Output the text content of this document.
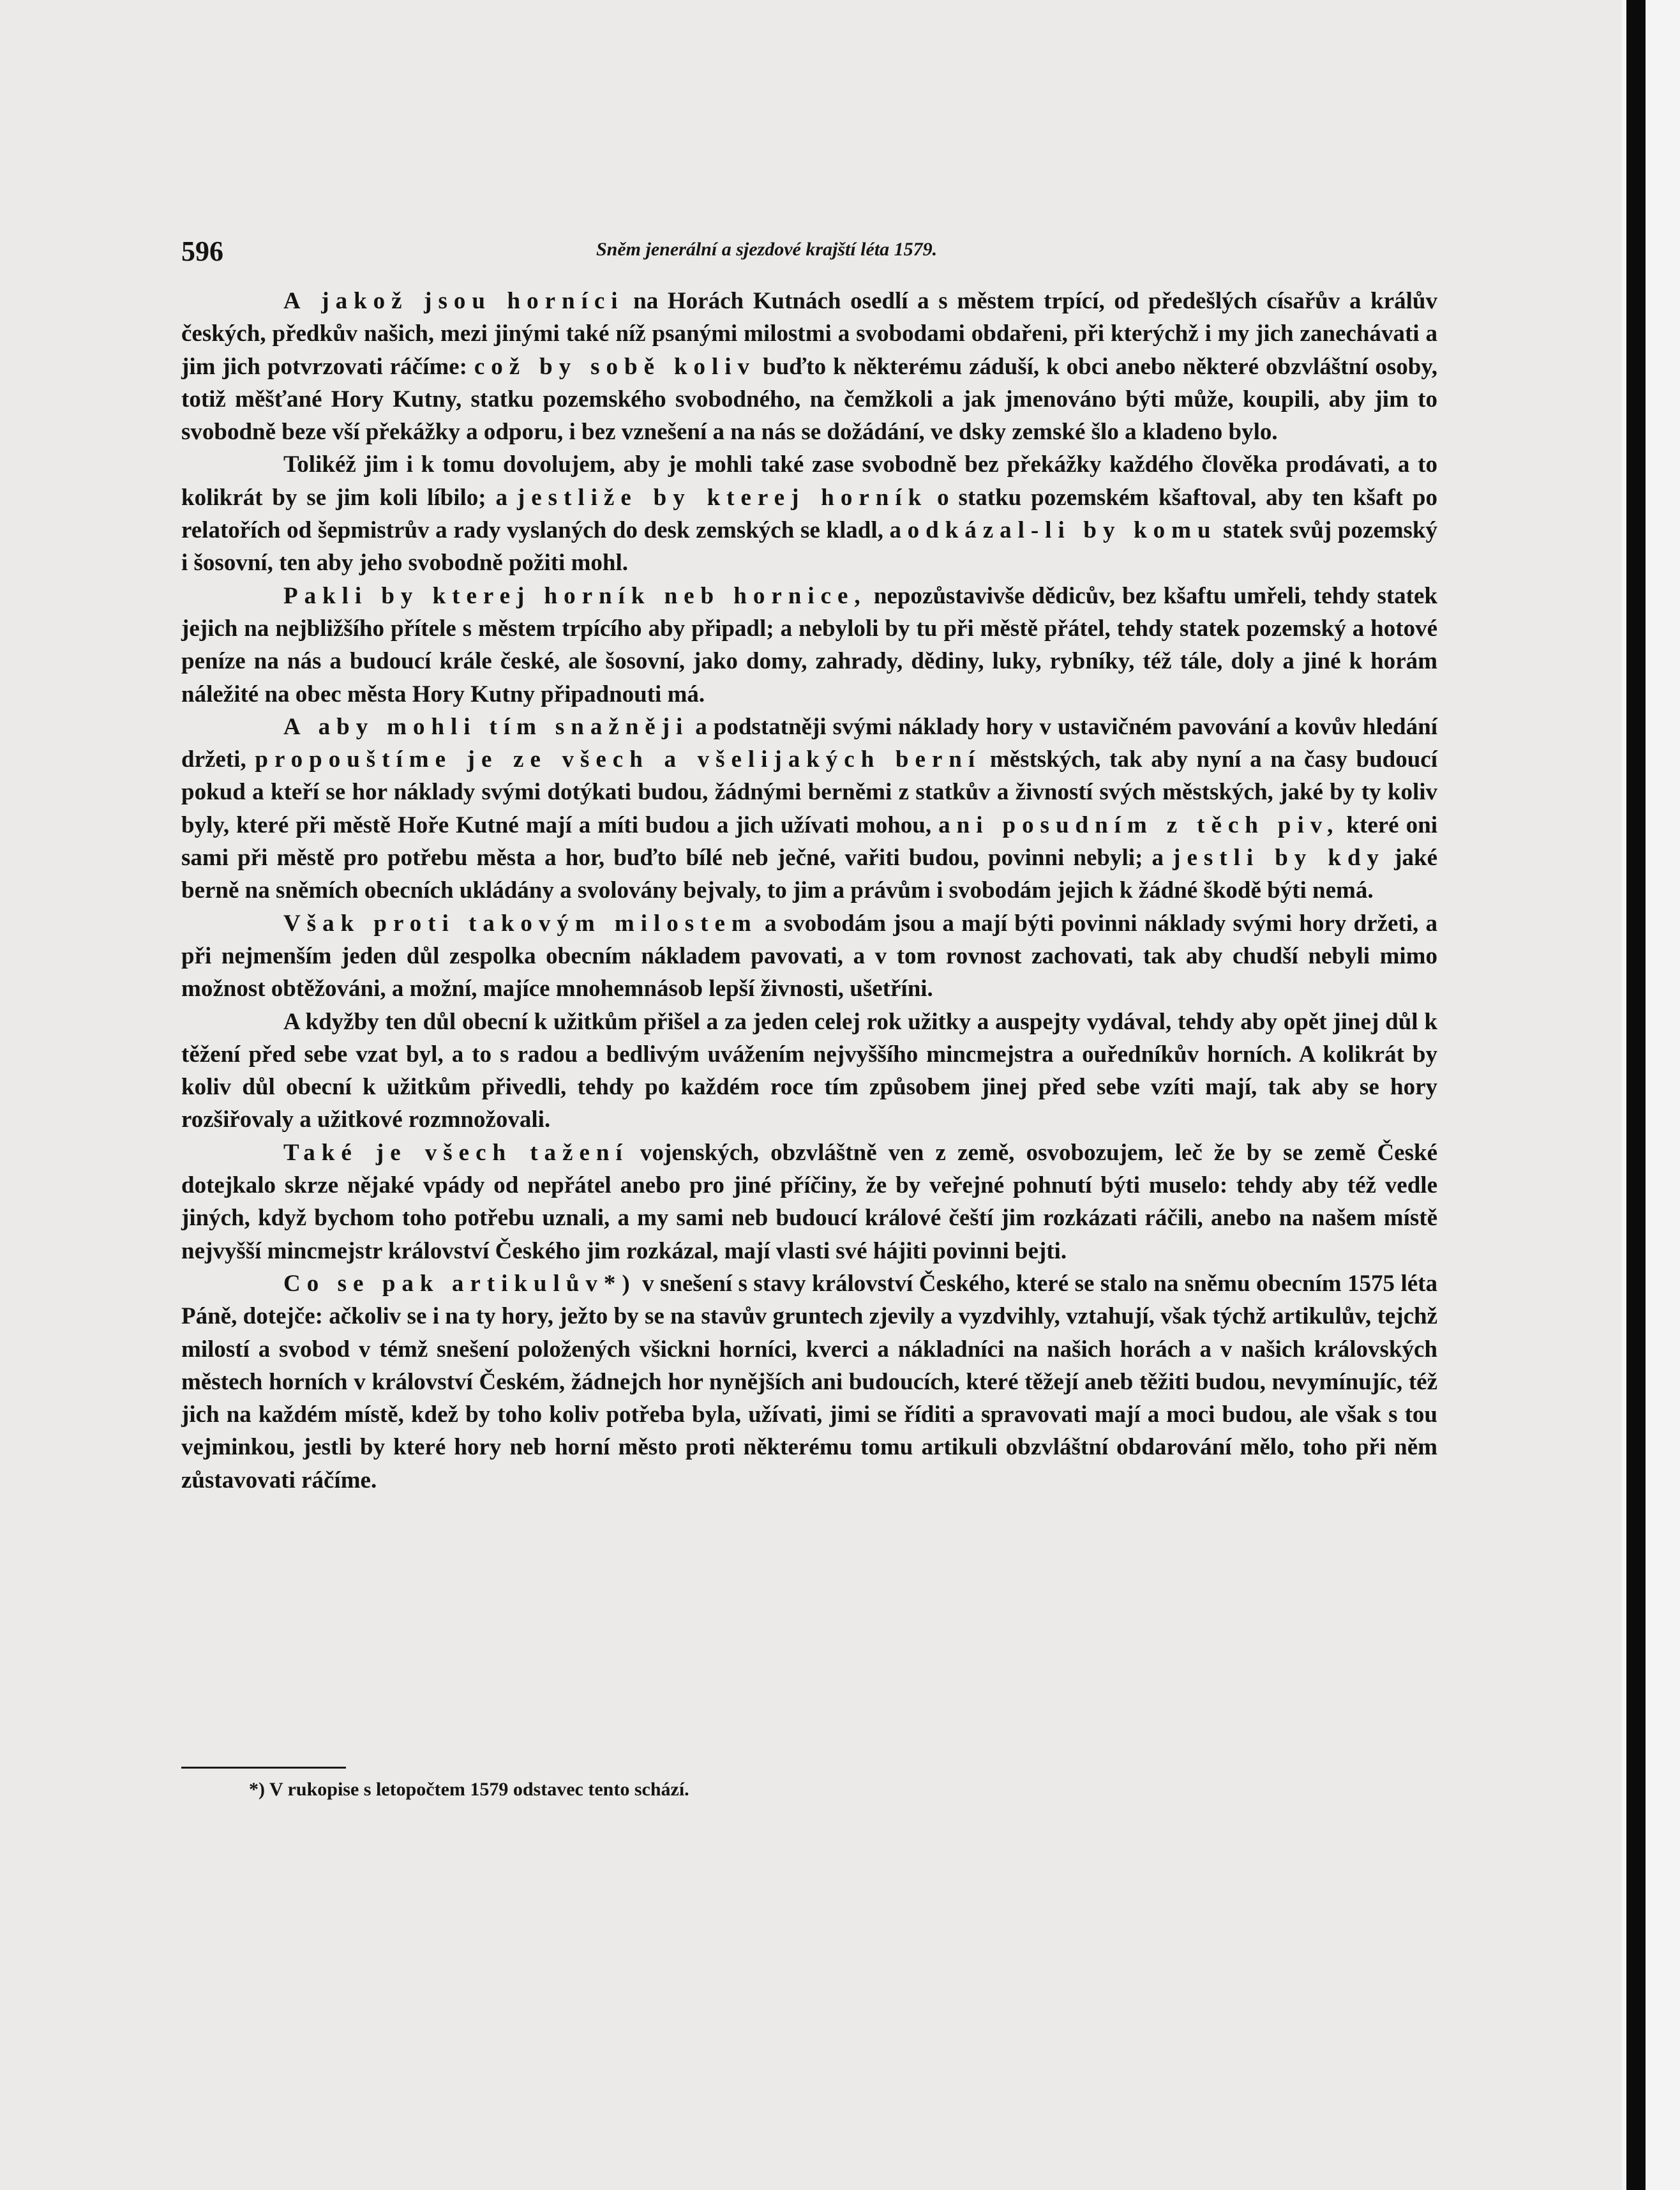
596	Sněm jenerální a sjezdové krajští léta 1579.

A jakož jsou horníci na Horách Kutnách osedlí a s městem trpící, od předešlých císařův a králův českých, předkův našich, mezi jinými také níž psanými milostmi a svobodami obdařeni, při kterýchž i my jich zanechávati a jim jich potvrzovati ráčíme: což by sobě koliv buďto k některému záduší, k obci anebo některé obzvláštní osoby, totiž měšťané Hory Kutny, statku pozemského svobodného, na čemžkoli a jak jmenováno býti může, koupili, aby jim to svobodně beze vší překážky a odporu, i bez vznešení a na nás se dožádání, ve dsky zemské šlo a kladeno bylo.

Tolikéž jim i k tomu dovolujem, aby je mohli také zase svobodně bez překážky každého člověka prodávati, a to kolikrát by se jim koli líbilo; a jestliže by kterej horník o statku pozemském kšaftoval, aby ten kšaft po relatořích od šepmistrův a rady vyslaných do desk zemských se kladl, a odkázal-li by komu statek svůj pozemský i šosovní, ten aby jeho svobodně požiti mohl.

Pakli by kterej horník neb hornice, nepozůstavivše dědicův, bez kšaftu umřeli, tehdy statek jejich na nejbližšího přítele s městem trpícího aby připadl; a nebyloli by tu při městě přátel, tehdy statek pozemský a hotové peníze na nás a budoucí krále české, ale šosovní, jako domy, zahrady, dědiny, luky, rybníky, též tále, doly a jiné k horám náležité na obec města Hory Kutny připadnouti má.

A aby mohli tím snažněji a podstatněji svými náklady hory v ustavičném pavování a kovův hledání držeti, propouštíme je ze všech a všelijakých berní městských, tak aby nyní a na časy budoucí pokud a kteří se hor náklady svými dotýkati budou, žádnými berněmi z statkův a živností svých městských, jaké by ty koliv byly, které při městě Hoře Kutné mají a míti budou a jich užívati mohou, ani posudním z těch piv, které oni sami při městě pro potřebu města a hor, buďto bílé neb ječné, vařiti budou, povinni nebyli; a jestli by kdy jaké berně na sněmích obecních ukládány a svolovány bejvaly, to jim a právům i svobodám jejich k žádné škodě býti nemá.

Však proti takovým milostem a svobodám jsou a mají býti povinni náklady svými hory držeti, a při nejmenším jeden důl zespolka obecním nákladem pavovati, a v tom rovnost zachovati, tak aby chudší nebyli mimo možnost obtěžováni, a možní, majíce mnohemnásob lepší živnosti, ušetříni.

A kdyžby ten důl obecní k užitkům přišel a za jeden celej rok užitky a auspejty vydával, tehdy aby opět jinej důl k těžení před sebe vzat byl, a to s radou a bedlivým uvážením nejvyššího mincmejstra a ouředníkův horních. A kolikrát by koliv důl obecní k užitkům přivedli, tehdy po každém roce tím způsobem jinej před sebe vzíti mají, tak aby se hory rozšiřovaly a užitkové rozmnožovali.

Také je všech tažení vojenských, obzvláštně ven z země, osvobozujem, leč že by se země České dotejkalo skrze nějaké vpády od nepřátel anebo pro jiné příčiny, že by veřejné pohnutí býti muselo: tehdy aby též vedle jiných, když bychom toho potřebu uznali, a my sami neb budoucí králové čeští jim rozkázati ráčili, anebo na našem místě nejvyšší mincmejstr království Českého jim rozkázal, mají vlasti své hájiti povinni bejti.

Co se pak artikulův*) v snešení s stavy království Českého, které se stalo na sněmu obecním 1575 léta Páně, dotejče: ačkoliv se i na ty hory, ježto by se na stavův gruntech zjevily a vyzdvihly, vztahují, však týchž artikulův, tejchž milostí a svobod v témž snešení položených všickni horníci, kverci a nákladníci na našich horách a v našich královských městech horních v království Českém, žádnejch hor nynějších ani budoucích, které těžejí aneb těžiti budou, nevymínujíc, též jich na každém místě, kdež by toho koliv potřeba byla, užívati, jimi se říditi a spravovati mají a moci budou, ale však s tou vejminkou, jestli by které hory neb horní město proti některému tomu artikuli obzvláštní obdarování mělo, toho při něm zůstavovati ráčíme.

*) V rukopise s letopočtem 1579 odstavec tento schází.
